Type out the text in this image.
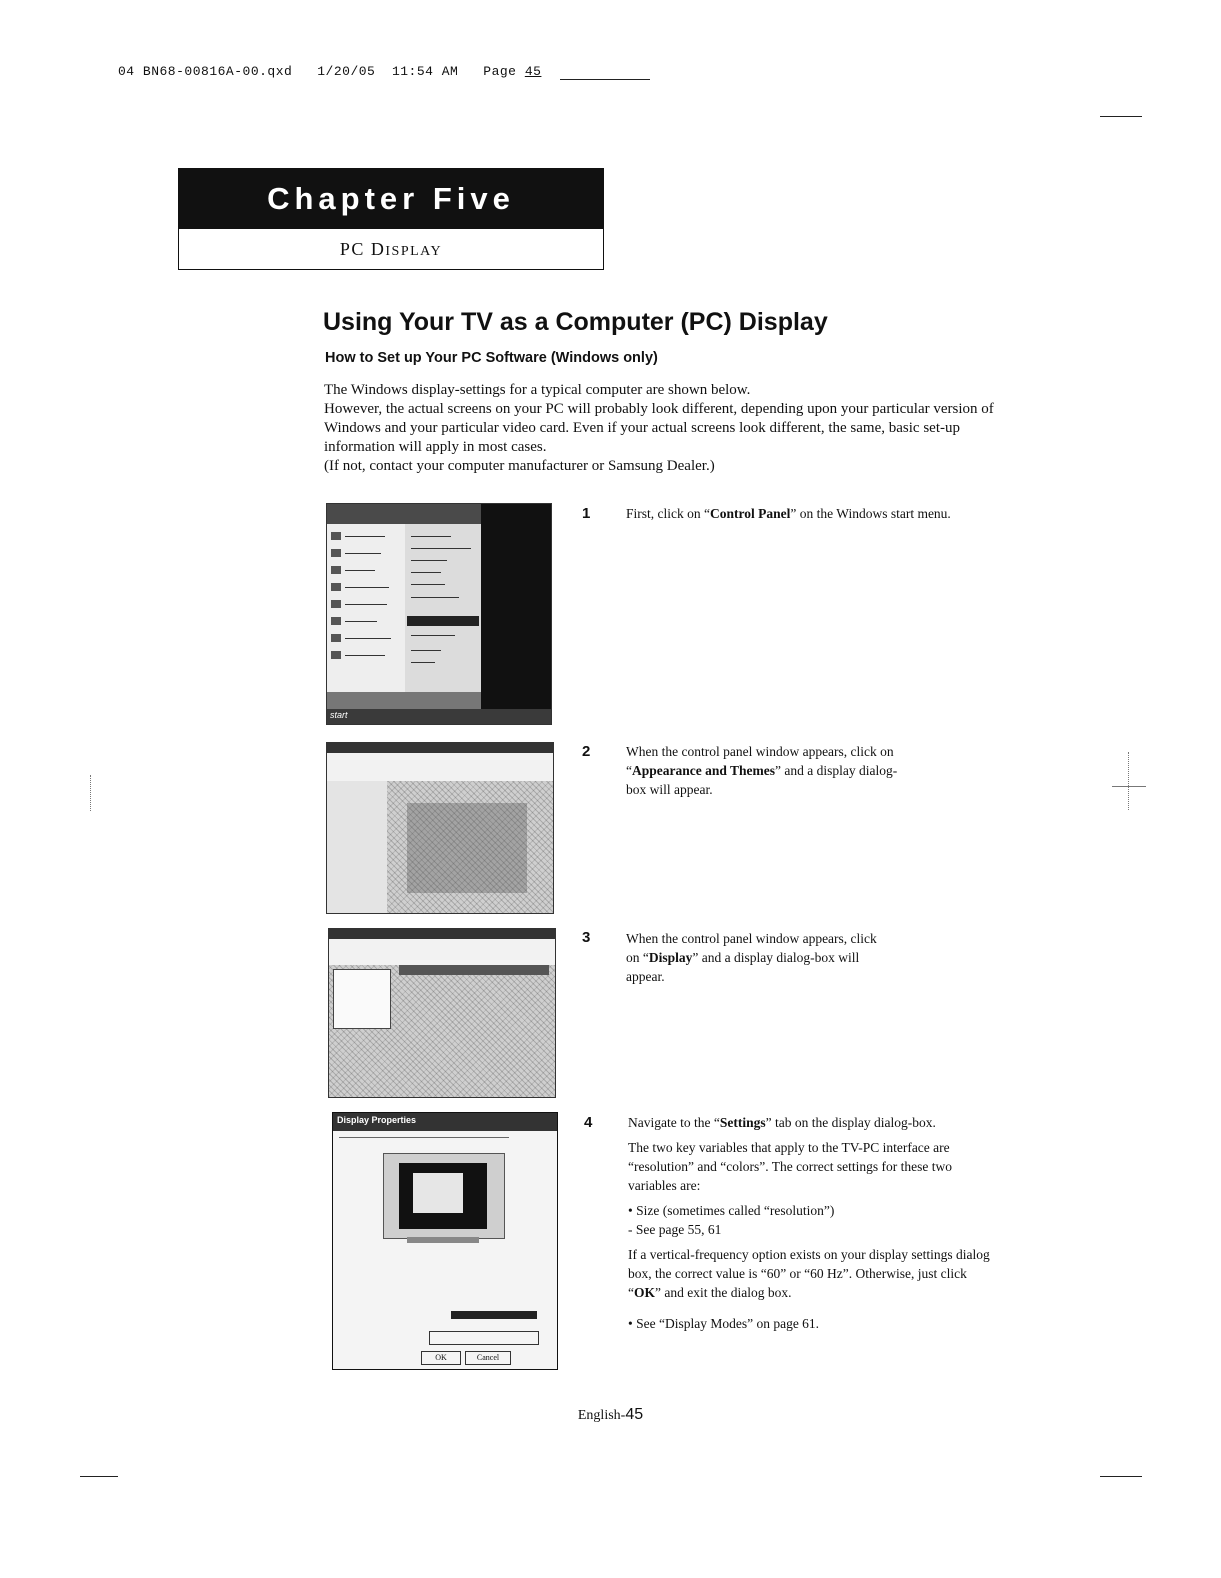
04 BN68-00816A-00.qxd 1/20/05 11:54 AM Page 45
Chapter Five
PC DISPLAY
Using Your TV as a Computer (PC) Display
How to Set up Your PC Software (Windows only)

The Windows display-settings for a typical computer are shown below.

However, the actual screens on your PC will probably look different, depending upon your particular version of Windows and your particular video card. Even if your actual screens look different, the same, basic set-up information will apply in most cases.

(If not, contact your computer manufacturer or Samsung Dealer.)

start
Display Properties
OK	Cancel
1	First, click on “Control Panel” on the Windows start menu.
2	When the control panel window appears, click on “Appearance and Themes” and a display dialog-box will appear.
3	When the control panel window appears, click on “Display” and a display dialog-box will appear.
4	Navigate to the “Settings” tab on the display dialog-box.

The two key variables that apply to the TV-PC interface are “resolution” and “colors”. The correct settings for these two variables are:

• Size (sometimes called “resolution”)

- See page 55, 61

If a vertical-frequency option exists on your display settings dialog box, the correct value is “60” or “60 Hz”. Otherwise, just click “OK” and exit the dialog box.

• See “Display Modes” on page 61.

English-45
